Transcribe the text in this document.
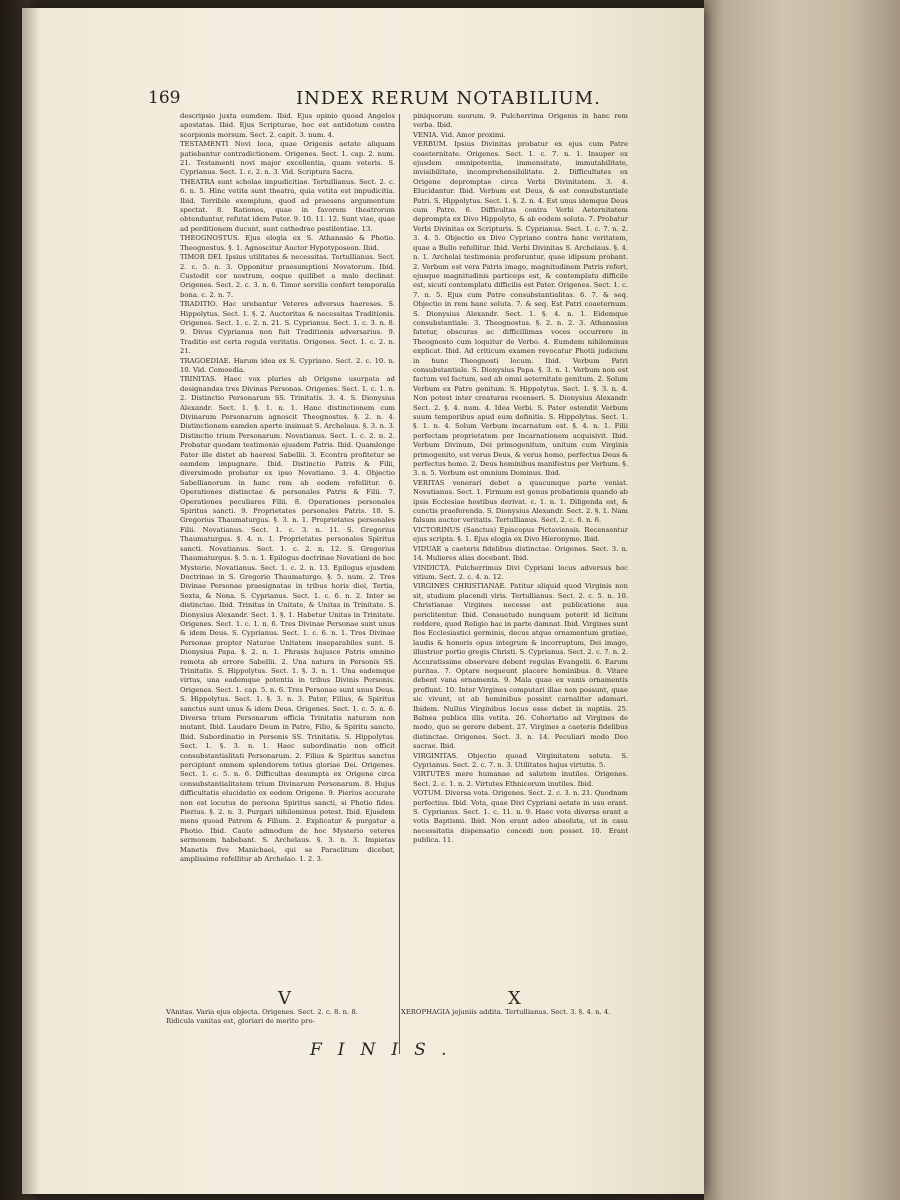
169	INDEX RERUM NOTABILIUM.

descripsio juxta eumdem. Ibid. Ejus opinio quoad Angelos apostatas. Ibid. Ejus Scripturae, hoc est antidotum contra scorpionis morsum. Sect. 2. capit. 3. num. 4.

TESTAMENTI Novi loca, quae Origenis aetate aliquam patiebantur contradictionem. Origenes. Sect. 1. cap. 2. num. 21. Testamenti novi major excellentia, quam veteris. S. Cyprianus. Sect. 1. c. 2. n. 3. Vid. Scriptura Sacra.

THEATRA sunt scholae impudicitiae. Tertullianus. Sect. 2. c. 6. n. 5. Hinc vetita sunt theatra, quia vetita est impudicitia. Ibid. Terribile exemplum, quod ad praesens argumentum spectat. 8. Rationes, quae in favorem theatrorum obtenduntur, refutat idem Pater. 9. 10. 11. 12. Sunt viae, quae ad perditionem ducunt, sunt cathedrae pestilentiae. 13.

THEOGNOSTUS. Ejus elogia ex S. Athanasio & Photio. Theognostus. §. 1. Agnoscitur Auctor Hypotyposeon. Ibid.

TIMOR DEI. Ipsius utilitates & necessitas. Tertullianus. Sect. 2. c. 5. n. 3. Opponitur praesumptioni Novatorum. Ibid. Custodit cor nostrum, eoque quilibet a malo declinat. Origenes. Sect. 2. c. 3. n. 6. Timor servilis confert temporalia bona. c. 2. n. 7.

TRADITIO. Hac urebantur Veteres adversus haereses. S. Hippolytus. Sect. 1. §. 2. Auctoritas & necessitas Traditionis. Origenes. Sect. 1. c. 2. n. 21. S. Cyprianus. Sect. 1. c. 3. n. 8. 9. Divus Cyprianus non fuit Traditionis adversarius. 9. Traditio est certa regula veritatis. Origenes. Sect. 1. c. 2. n. 21.

TRAGOEDIAE. Harum idea ex S. Cypriano. Sect. 2. c. 10. n. 10. Vid. Comoedia.

TRINITAS. Haec vox pluries ab Origene usurpata ad designandas tres Divinas Personas. Origenes. Sect. 1. c. 1. n. 2. Distinctio Personarum SS. Trinitatis. 3. 4. S. Dionysius Alexandr. Sect. 1. §. 1. n. 1. Hanc distinctionem cum Divinarum Personarum agnoscit Theognostus. §. 2. n. 4. Distinctionem eamden aperte insinuat S. Archelaus. §. 3. n. 3. Distinctio trium Personarum. Novatianus. Sect. 1. c. 2. n. 2. Probatur quodam testimonio ejusdem Patris. Ibid. Quamlonge Pater ille distet ab haeresi Sabellii. 3. Econtra profitetur se eamdem impugnare. Ibid. Distinctio Patris & Filii, diversimode probatur ex ipso Novatiano. 3. 4. Objectio Sabellianorum in hanc rem ab eodem refellitur. 6. Operationes distinctae & personales Patris & Filii. 7. Operationes peculiares Filii. 8. Operationes personales Spiritus sancti. 9. Proprietates personales Patris. 10. S. Gregorius Thaumaturgus. §. 3. n. 1. Proprietates personales Filii. Novatianus. Sect. 1. c. 3. n. 11. S. Gregorius Thaumaturgus. §. 4. n. 1. Proprietates personales Spiritus sancti. Novatianus. Sect. 1. c. 2. n. 12. S. Gregorius Thaumaturgus. §. 5. n. 1. Epilogus doctrinae Novatiani de hoc Mysterio. Novatianus. Sect. 1. c. 2. n. 13. Epilogus ejusdem Doctrinae in S. Gregorio Thaumaturgo. §. 5. num. 2. Tres Divinae Personae praesignatae in tribus horis diei, Tertia, Sexta, & Nona. S. Cyprianus. Sect. 1. c. 6. n. 2. Inter se distinctae. Ibid. Trinitas in Unitate, & Unitas in Trinitate. S. Dionysius Alexandr. Sect. 1. §. 1. Habetur Unitas in Trinitate. Origenes. Sect. 1. c. 1. n. 6. Tres Divinae Personae sunt unus & idem Deus. S. Cyprianus. Sect. 1. c. 6. n. 1. Tres Divinae Personae propter Naturae Unitatem inseparabiles sunt. S. Dionysius Papa. §. 2. n. 1. Phrasis hujusce Patris omnino remota ab errore Sabellii. 2. Una natura in Personis SS. Trinitatis. S. Hippolytus. Sect. 1. §. 3. n. 1. Una eademque virtus, una eademque potentia in tribus Divinis Personis. Origenes. Sect. 1. cap. 5. n. 6. Tres Personae sunt unus Deus. S. Hippolytus. Sect. 1. §. 3. n. 3. Pater, Filius, & Spiritus sanctus sunt unus & idem Deus. Origenes. Sect. 1. c. 5. n. 6. Diversa trium Personarum officia Trinitatis naturam non mutant. Ibid. Laudare Deum in Patre, Filio, & Spiritu sancto. Ibid. Subordinatio in Personis SS. Trinitatis. S. Hippolytus. Sect. 1. §. 3. n. 1. Haec subordinatio non officit consubstantialitati Personarum. 2. Filius & Spiritus sanctus percipiunt omnem splendorem totius gloriae Dei. Origenes. Sect. 1. c. 5. n. 6. Difficultas desumpta ex Origene circa consubstantialitatem trium Divinarum Personarum. 8. Hujus difficultatis elucidatio ex eodem Origene. 9. Pierius accurate non est locutus de persona Spiritus sancti, si Photio fides. Pierius. §. 2. n. 3. Purgari nihilominus potest. Ibid. Ejusdem mens quoad Patrem & Filium. 2. Explicatur & purgatur a Photio. Ibid. Caute admodum de hoc Mysterio veteres sermonem habebant. S. Archelaus. §. 3. n. 3. Impietas Manetis five Manichaei, qui se Paraclitum dicebat, amplissime refellitur ab Archelao. 1. 2. 3.

piniquorum suorum. 9. Pulcherrima Origenis in hanc rem verba. Ibid.

VENIA. Vid. Amor proximi.

VERBUM. Ipsius Divinitas probatur ex ejus cum Patre coaeternitate. Origenes. Sect. 1. c. 7. n. 1. Insuper ex ejusdem omnipotentia, immensitate, immutabilitate, invisibilitate, incomprehensibilitate. 2. Difficultates ex Origene depromptae circa Verbi Divinitatem. 3. 4. Elucidantur. Ibid. Verbum est Deus, & est consubstantiale Patri. S. Hippolytus. Sect. 1. §. 2. n. 4. Est unus idemque Deus cum Patre. 6. Difficultas contra Verbi Aeternitatem deprompta ex Divo Hippolyto, & ab eodem soluta. 7. Probatur Verbi Divinitas ex Scripturis. S. Cyprianus. Sect. 1. c. 7. n. 2. 3. 4. 5. Objectio ex Divo Cypriano contra hanc veritatem, quae a Bullo refellitur. Ibid. Verbi Divinitas S. Archelaus. §. 4. n. 1. Archelai testimonia proferuntur, quae idipsum probant. 2. Verbum est vera Patris imago, magnitudinem Patris refert, ejusque magnitudinis particeps est, & contemplatu difficile est, sicuti contemplatu difficilis est Pater. Origenes. Sect. 1. c. 7. n. 5. Ejus cum Patre consubstantialitas. 6. 7. & seq. Objectio in rem hanc soluta. 7. & seq. Est Patri coaeternum. S. Dionysius Alexandr. Sect. 1. §. 4. n. 1. Eidemque consubstantiale. 3. Theognostus. §. 2. n. 2. 3. Athanasius fatetur, obscuras ac difficillimas voces occurrere in Theognosto cum loquitur de Verbo. 4. Eumdem nihilominus explicat. Ibid. Ad criticum examen revocatur Photii judicium in hunc Theognosti locum. Ibid. Verbum Patri consubstantiale. S. Dionysius Papa. §. 3. n. 1. Verbum non est factum vel factum, sed ab omni aeternitate genitum. 2. Solum Verbum ex Patre genitum. S. Hippolytus. Sect. 1. §. 3. n. 4. Non potest inter creaturas recenseri. S. Dionysius Alexandr. Sect. 2. §. 4. num. 4. Idea Verbi. S. Pater ostendit Verbum suum temporibus apud eum definitis. S. Hippolytus. Sect. 1. §. 1. n. 4. Solum Verbum incarnatum est. §. 4. n. 1. Filii perfectam proprietatem per Incarnationem acquisivit. Ibid. Verbum Divinum, Dei primogenitum, unitum cum Virginis primogenito, est verus Deus, & verus homo, perfectus Deus & perfectus homo. 2. Deus hominibus manifestus per Verbum. §. 3. n. 5. Verbum est omnium Dominus. Ibid.

VERITAS venerari debet a quacumque parte veniat. Novatianus. Sect. 1. Firmum est genus probationis quando ab ipsis Ecclesiae hostibus derivat. c. 1. n. 1. Diligenda est, & cunctis praeferenda. S. Dionysius Alexandr. Sect. 2. §. 1. Nam falsum auctor veritatis. Tertullianus. Sect. 2. c. 6. n. 6.

VICTORINUS (Sanctus) Episcopus Pictaviensis. Recensentur ejus scripta. §. 1. Ejus elogia ex Divo Hieronymo. Ibid.

VIDUAE a caeteris fidelibus distinctae. Origenes. Sect. 3. n. 14. Mulieres alias docebant. Ibid.

VINDICTA. Pulcherrimus Divi Cypriani locus adversus hoc vitium. Sect. 2. c. 4. n. 12.

VIRGINES CHRISTIANAE. Patitur aliquid quod Virginis non sit, studium placendi viris. Tertullianus. Sect. 2. c. 5. n. 10. Christianae Virgines necesse est publicatione sua periclitentur. Ibid. Consuetudo nunquam poterit id licitum reddere, quod Religio hac in parte damnat. Ibid. Virgines sunt flos Ecclesiastici germinis, decus atque ornamentum gratiae, laudis & honoris opus integrum & incorruptum, Dei imago, illustrior portio gregis Christi. S. Cyprianus. Sect. 2. c. 7. n. 2. Accuratissime observare debent regulas Evangelii. 6. Earum puritas. 7. Optare nequeunt placere hominibus. 8. Vitare debent vana ornamenta. 9. Mala quae ex vanis ornamentis proflunt. 10. Inter Virgines computari illae non possunt, quae sic vivunt, ut ab hominibus possint carnaliter adamari. Ibidem. Nullus Virginibus locus esse debet in nuptiis. 25. Balnea publica illis vetita. 26. Cohortatio ad Virgines de modo, quo se gerere debent. 27. Virgines a caeteris fidelibus distinctae. Origenes. Sect. 3. n. 14. Peculiari modo Deo sacrae. Ibid.

VIRGINITAS. Objectio quoad Virginitatem soluta. S. Cyprianus. Sect. 2. c. 7. n. 3. Utilitates hujus virtutis. 5.

VIRTUTES mere humanae ad salutem inutiles. Origenes. Sect. 2. c. 1. n. 2. Virtutes Ethnicorum inutiles. Ibid.

VOTUM. Diversa vota. Origenes. Sect. 2. c. 3. n. 21. Quodnam perfectius. Ibid. Vota, quae Divi Cypriani aetate in usu erant. S. Cyprianus. Sect. 1. c. 11. n. 9. Haec vota diversa erant a votis Baptismi. Ibid. Non erant adeo absoluta, ut in casu necessitatis dispensatio concedi non posset. 10. Erant publica. 11.

V	X
VAnitas. Varia ejus objecta. Origenes. Sect. 2. c. 8. n. 8. Ridicula vanitas est, gloriari de merito pro-
XEROPHAGIA jejuniis addita. Tertullianus. Sect. 3. §. 4. n. 4.
FINIS.
